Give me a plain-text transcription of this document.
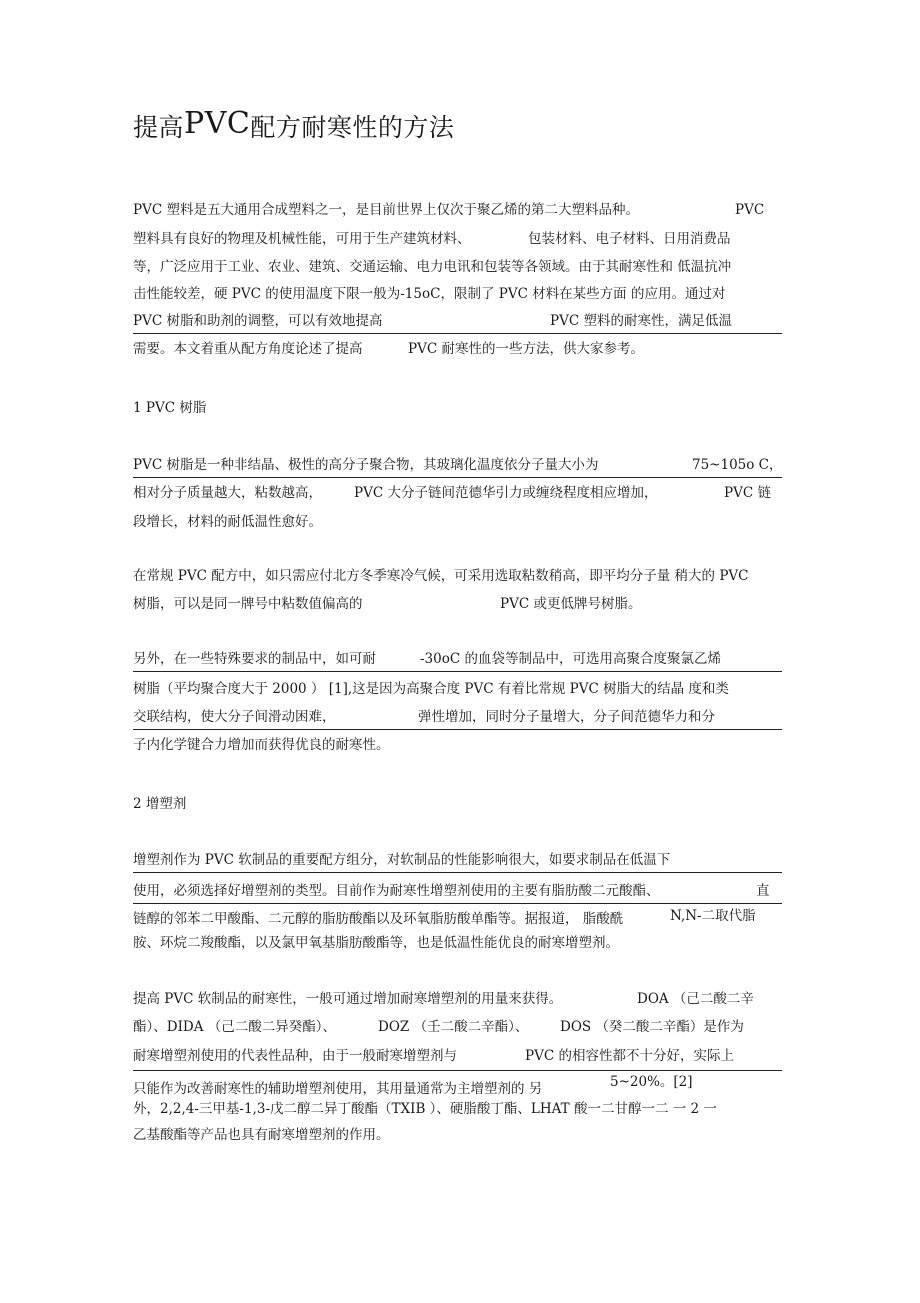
提高PVC配方耐寒性的方法
PVC 塑料是五大通用合成塑料之一，是目前世界上仅次于聚乙烯的第二大塑料品种。	PVC
塑料具有良好的物理及机械性能，可用于生产建筑材料、	包装材料、电子材料、日用消费品
等，广泛应用于工业、农业、建筑、交通运输、电力电讯和包装等各领域。由于其耐寒性和 低温抗冲
击性能较差，硬 PVC 的使用温度下限一般为-15oC，限制了 PVC 材料在某些方面 的应用。通过对
PVC 树脂和助剂的调整，可以有效地提高	PVC 塑料的耐寒性，满足低温
需要。本文着重从配方角度论述了提高	PVC 耐寒性的一些方法，供大家参考。
1 PVC 树脂
PVC 树脂是一种非结晶、极性的高分子聚合物，其玻璃化温度依分子量大小为	75~105o C，
相对分子质量越大，粘数越高， PVC 大分子链间范德华引力或缠绕程度相应增加，	PVC 链
段增长，材料的耐低温性愈好。
在常规 PVC 配方中，如只需应付北方冬季寒冷气候，可采用选取粘数稍高，即平均分子量 稍大的 PVC
树脂，可以是同一牌号中粘数值偏高的	PVC 或更低牌号树脂。
另外，在一些特殊要求的制品中，如可耐	-30oC 的血袋等制品中，可选用高聚合度聚氯乙烯
树脂（平均聚合度大于 2000 ） [1],这是因为高聚合度 PVC 有着比常规 PVC 树脂大的结晶 度和类
交联结构，使大分子间滑动困难，	弹性增加，同时分子量增大，分子间范德华力和分
子内化学键合力增加而获得优良的耐寒性。
2 增塑剂
增塑剂作为 PVC 软制品的重要配方组分，对软制品的性能影响很大，如要求制品在低温下
使用，必须选择好增塑剂的类型。目前作为耐寒性增塑剂使用的主要有脂肪酸二元酸酯、	直
链醇的邻苯二甲酸酯、二元醇的脂肪酸酯以及环氧脂肪酸单酯等。据报道， 脂酸酰	N,N-二取代脂
胺、环烷二羧酸酯，以及氯甲氧基脂肪酸酯等，也是低温性能优良的耐寒增塑剂。
提高 PVC 软制品的耐寒性，一般可通过增加耐寒增塑剂的用量来获得。	DOA （己二酸二辛
酯）、DIDA （己二酸二异癸酯）、	DOZ （壬二酸二辛酯）、 DOS （癸二酸二辛酯）是作为
耐寒增塑剂使用的代表性品种，由于一般耐寒增塑剂与	PVC 的相容性都不十分好，实际上
只能作为改善耐寒性的辅助增塑剂使用，其用量通常为主增塑剂的 另	5~20%。[2]
外，2,2,4-三甲基-1,3-戊二醇二异丁酸酯（TXIB ）、硬脂酸丁酯、LHAT 酸一二甘醇一二 一 2 一
乙基酸酯等产品也具有耐寒增塑剂的作用。
